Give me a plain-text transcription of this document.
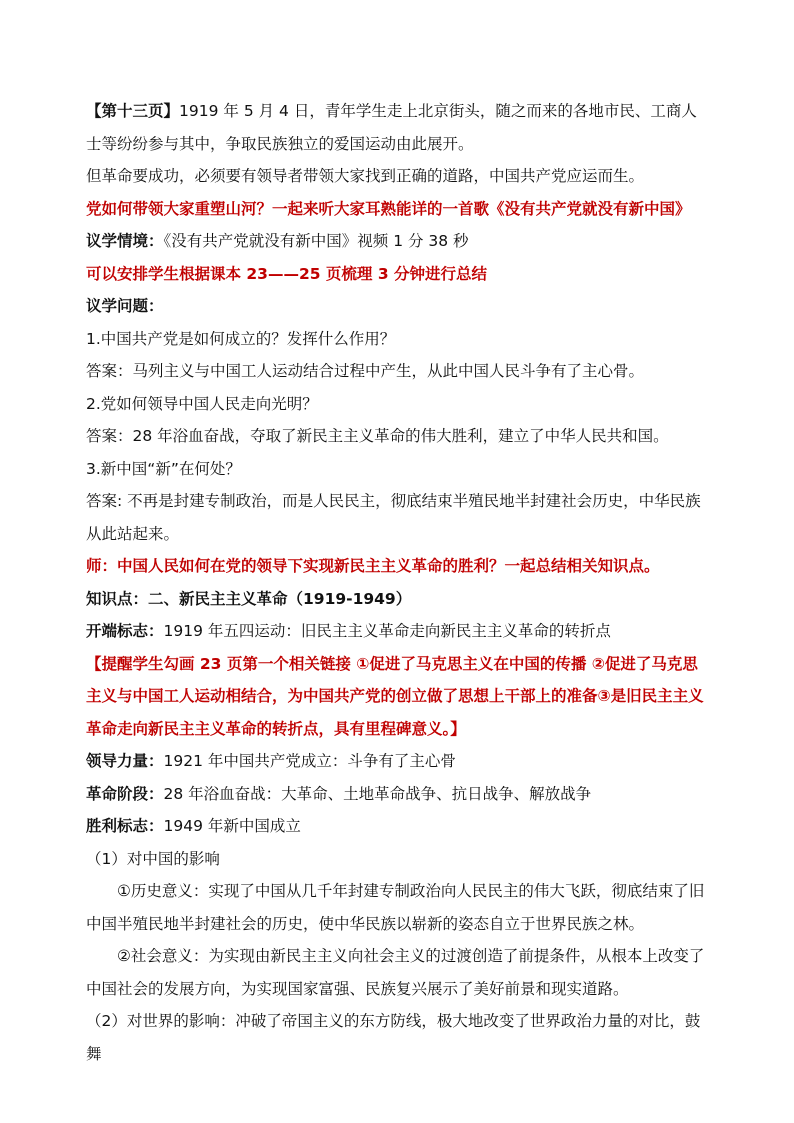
【第十三页】1919 年 5 月 4 日，青年学生走上北京街头，随之而来的各地市民、工商人士等纷纷参与其中，争取民族独立的爱国运动由此展开。
但革命要成功，必须要有领导者带领大家找到正确的道路，中国共产党应运而生。
党如何带领大家重塑山河？一起来听大家耳熟能详的一首歌《没有共产党就没有新中国》
议学情境：《没有共产党就没有新中国》视频 1 分 38 秒
可以安排学生根据课本 23——25 页梳理 3 分钟进行总结
议学问题：
1.中国共产党是如何成立的？发挥什么作用？
答案：马列主义与中国工人运动结合过程中产生，从此中国人民斗争有了主心骨。
2.党如何领导中国人民走向光明？
答案：28 年浴血奋战，夺取了新民主主义革命的伟大胜利，建立了中华人民共和国。
3.新中国“新”在何处？
答案: 不再是封建专制政治，而是人民民主，彻底结束半殖民地半封建社会历史，中华民族从此站起来。
师：中国人民如何在党的领导下实现新民主主义革命的胜利？一起总结相关知识点。
知识点：二、新民主主义革命（1919-1949）
开端标志：1919 年五四运动：旧民主主义革命走向新民主主义革命的转折点
【提醒学生勾画 23 页第一个相关链接 ①促进了马克思主义在中国的传播 ②促进了马克思主义与中国工人运动相结合，为中国共产党的创立做了思想上干部上的准备③是旧民主主义革命走向新民主主义革命的转折点，具有里程碑意义。】
领导力量：1921 年中国共产党成立：斗争有了主心骨
革命阶段：28 年浴血奋战：大革命、土地革命战争、抗日战争、解放战争
胜利标志：1949 年新中国成立
（1）对中国的影响
①历史意义：实现了中国从几千年封建专制政治向人民民主的伟大飞跃，彻底结束了旧中国半殖民地半封建社会的历史，使中华民族以崭新的姿态自立于世界民族之林。
②社会意义：为实现由新民主主义向社会主义的过渡创造了前提条件，从根本上改变了中国社会的发展方向，为实现国家富强、民族复兴展示了美好前景和现实道路。
（2）对世界的影响：冲破了帝国主义的东方防线，极大地改变了世界政治力量的对比，鼓舞
